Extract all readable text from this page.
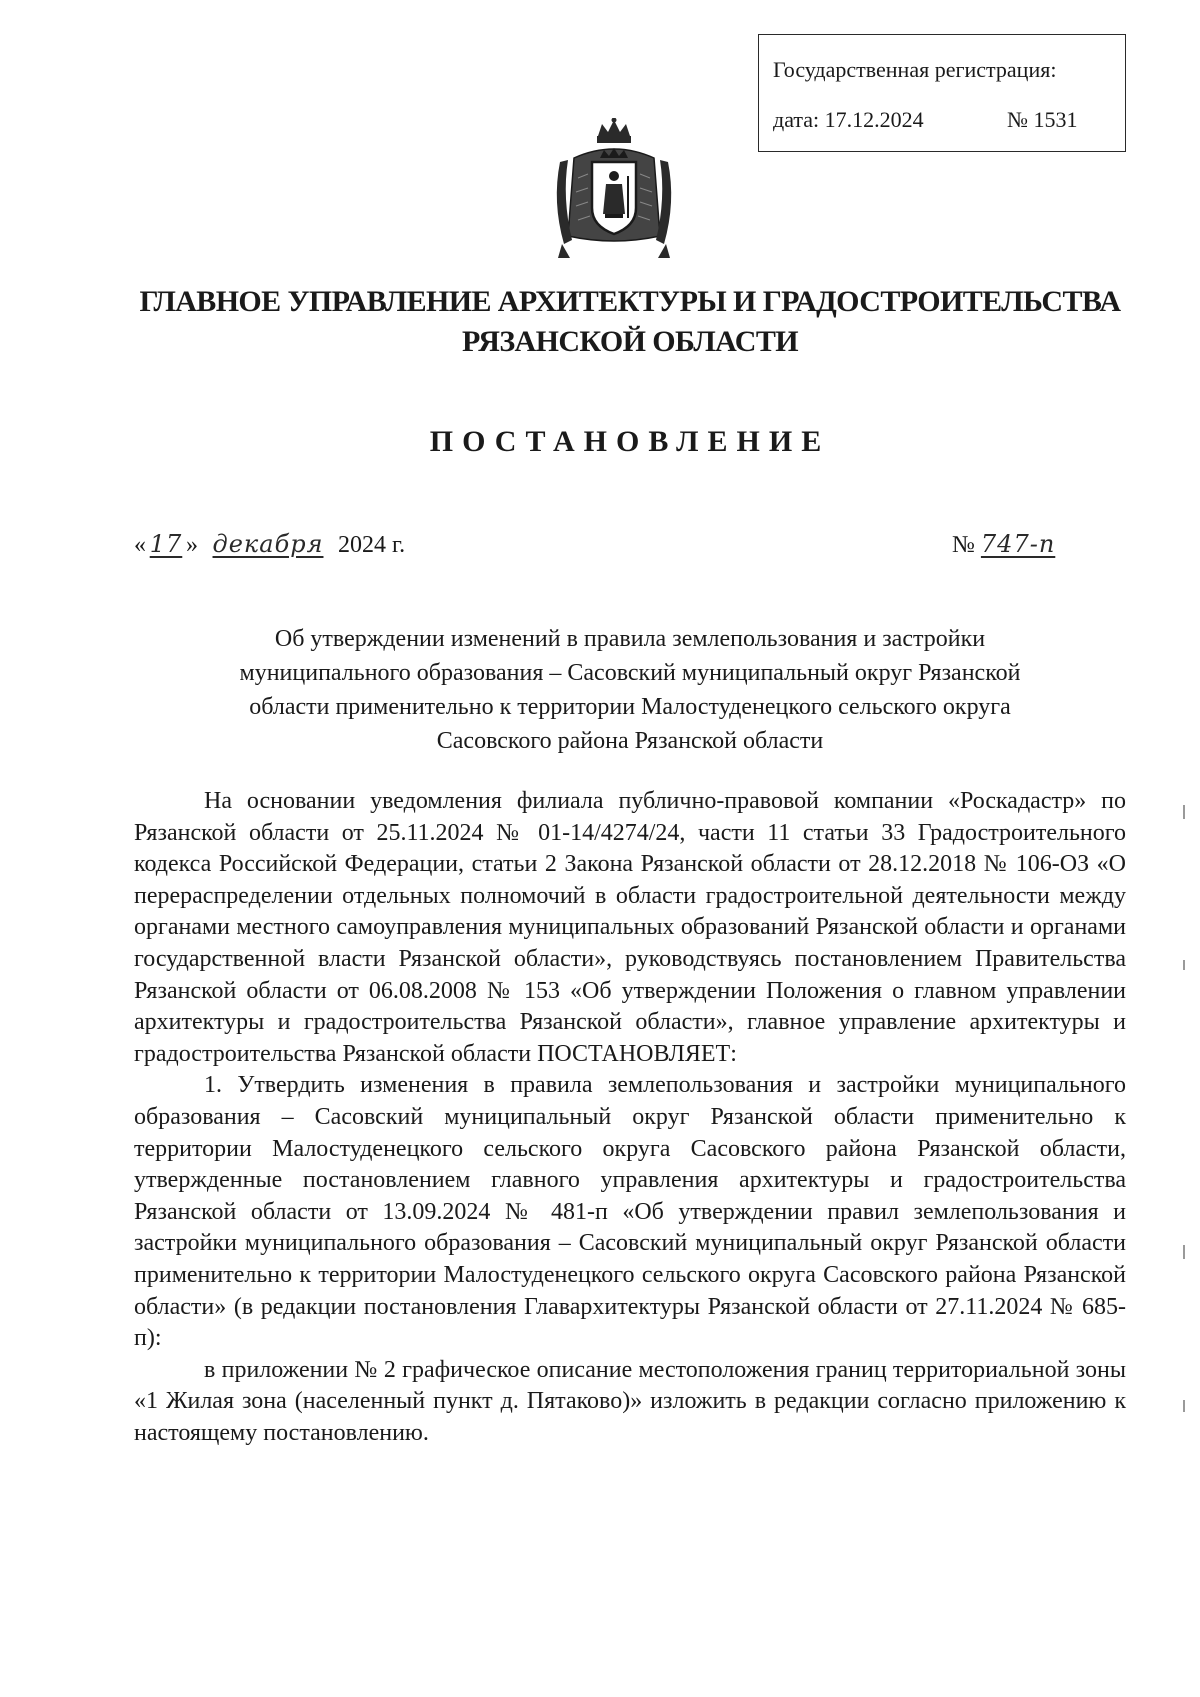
Государственная регистрация:
дата: 17.12.2024	№ 1531
ГЛАВНОЕ УПРАВЛЕНИЕ АРХИТЕКТУРЫ И ГРАДОСТРОИТЕЛЬСТВА
РЯЗАНСКОЙ ОБЛАСТИ
ПОСТАНОВЛЕНИЕ
« 17 » декабря 2024 г.	№ 747-п
Об утверждении изменений в правила землепользования и застройки
муниципального образования – Сасовский муниципальный округ Рязанской
области применительно к территории Малостуденецкого сельского округа
Сасовского района Рязанской области

На основании уведомления филиала публично-правовой компании «Роскадастр» по Рязанской области от 25.11.2024 № 01-14/4274/24, части 11 статьи 33 Градостроительного кодекса Российской Федерации, статьи 2 Закона Рязанской области от 28.12.2018 № 106-ОЗ «О перераспределении отдельных полномочий в области градостроительной деятельности между органами местного самоуправления муниципальных образований Рязанской области и органами государственной власти Рязанской области», руководствуясь постановлением Правительства Рязанской области от 06.08.2008 № 153 «Об утверждении Положения о главном управлении архитектуры и градостроительства Рязанской области», главное управление архитектуры и градостроительства Рязанской области ПОСТАНОВЛЯЕТ:

1. Утвердить изменения в правила землепользования и застройки муниципального образования – Сасовский муниципальный округ Рязанской области применительно к территории Малостуденецкого сельского округа Сасовского района Рязанской области, утвержденные постановлением главного управления архитектуры и градостроительства Рязанской области от 13.09.2024 № 481-п «Об утверждении правил землепользования и застройки муниципального образования – Сасовский муниципальный округ Рязанской области применительно к территории Малостуденецкого сельского округа Сасовского района Рязанской области» (в редакции постановления Главархитектуры Рязанской области от 27.11.2024 № 685-п):

в приложении № 2 графическое описание местоположения границ территориальной зоны «1 Жилая зона (населенный пункт д. Пятаково)» изложить в редакции согласно приложению к настоящему постановлению.
